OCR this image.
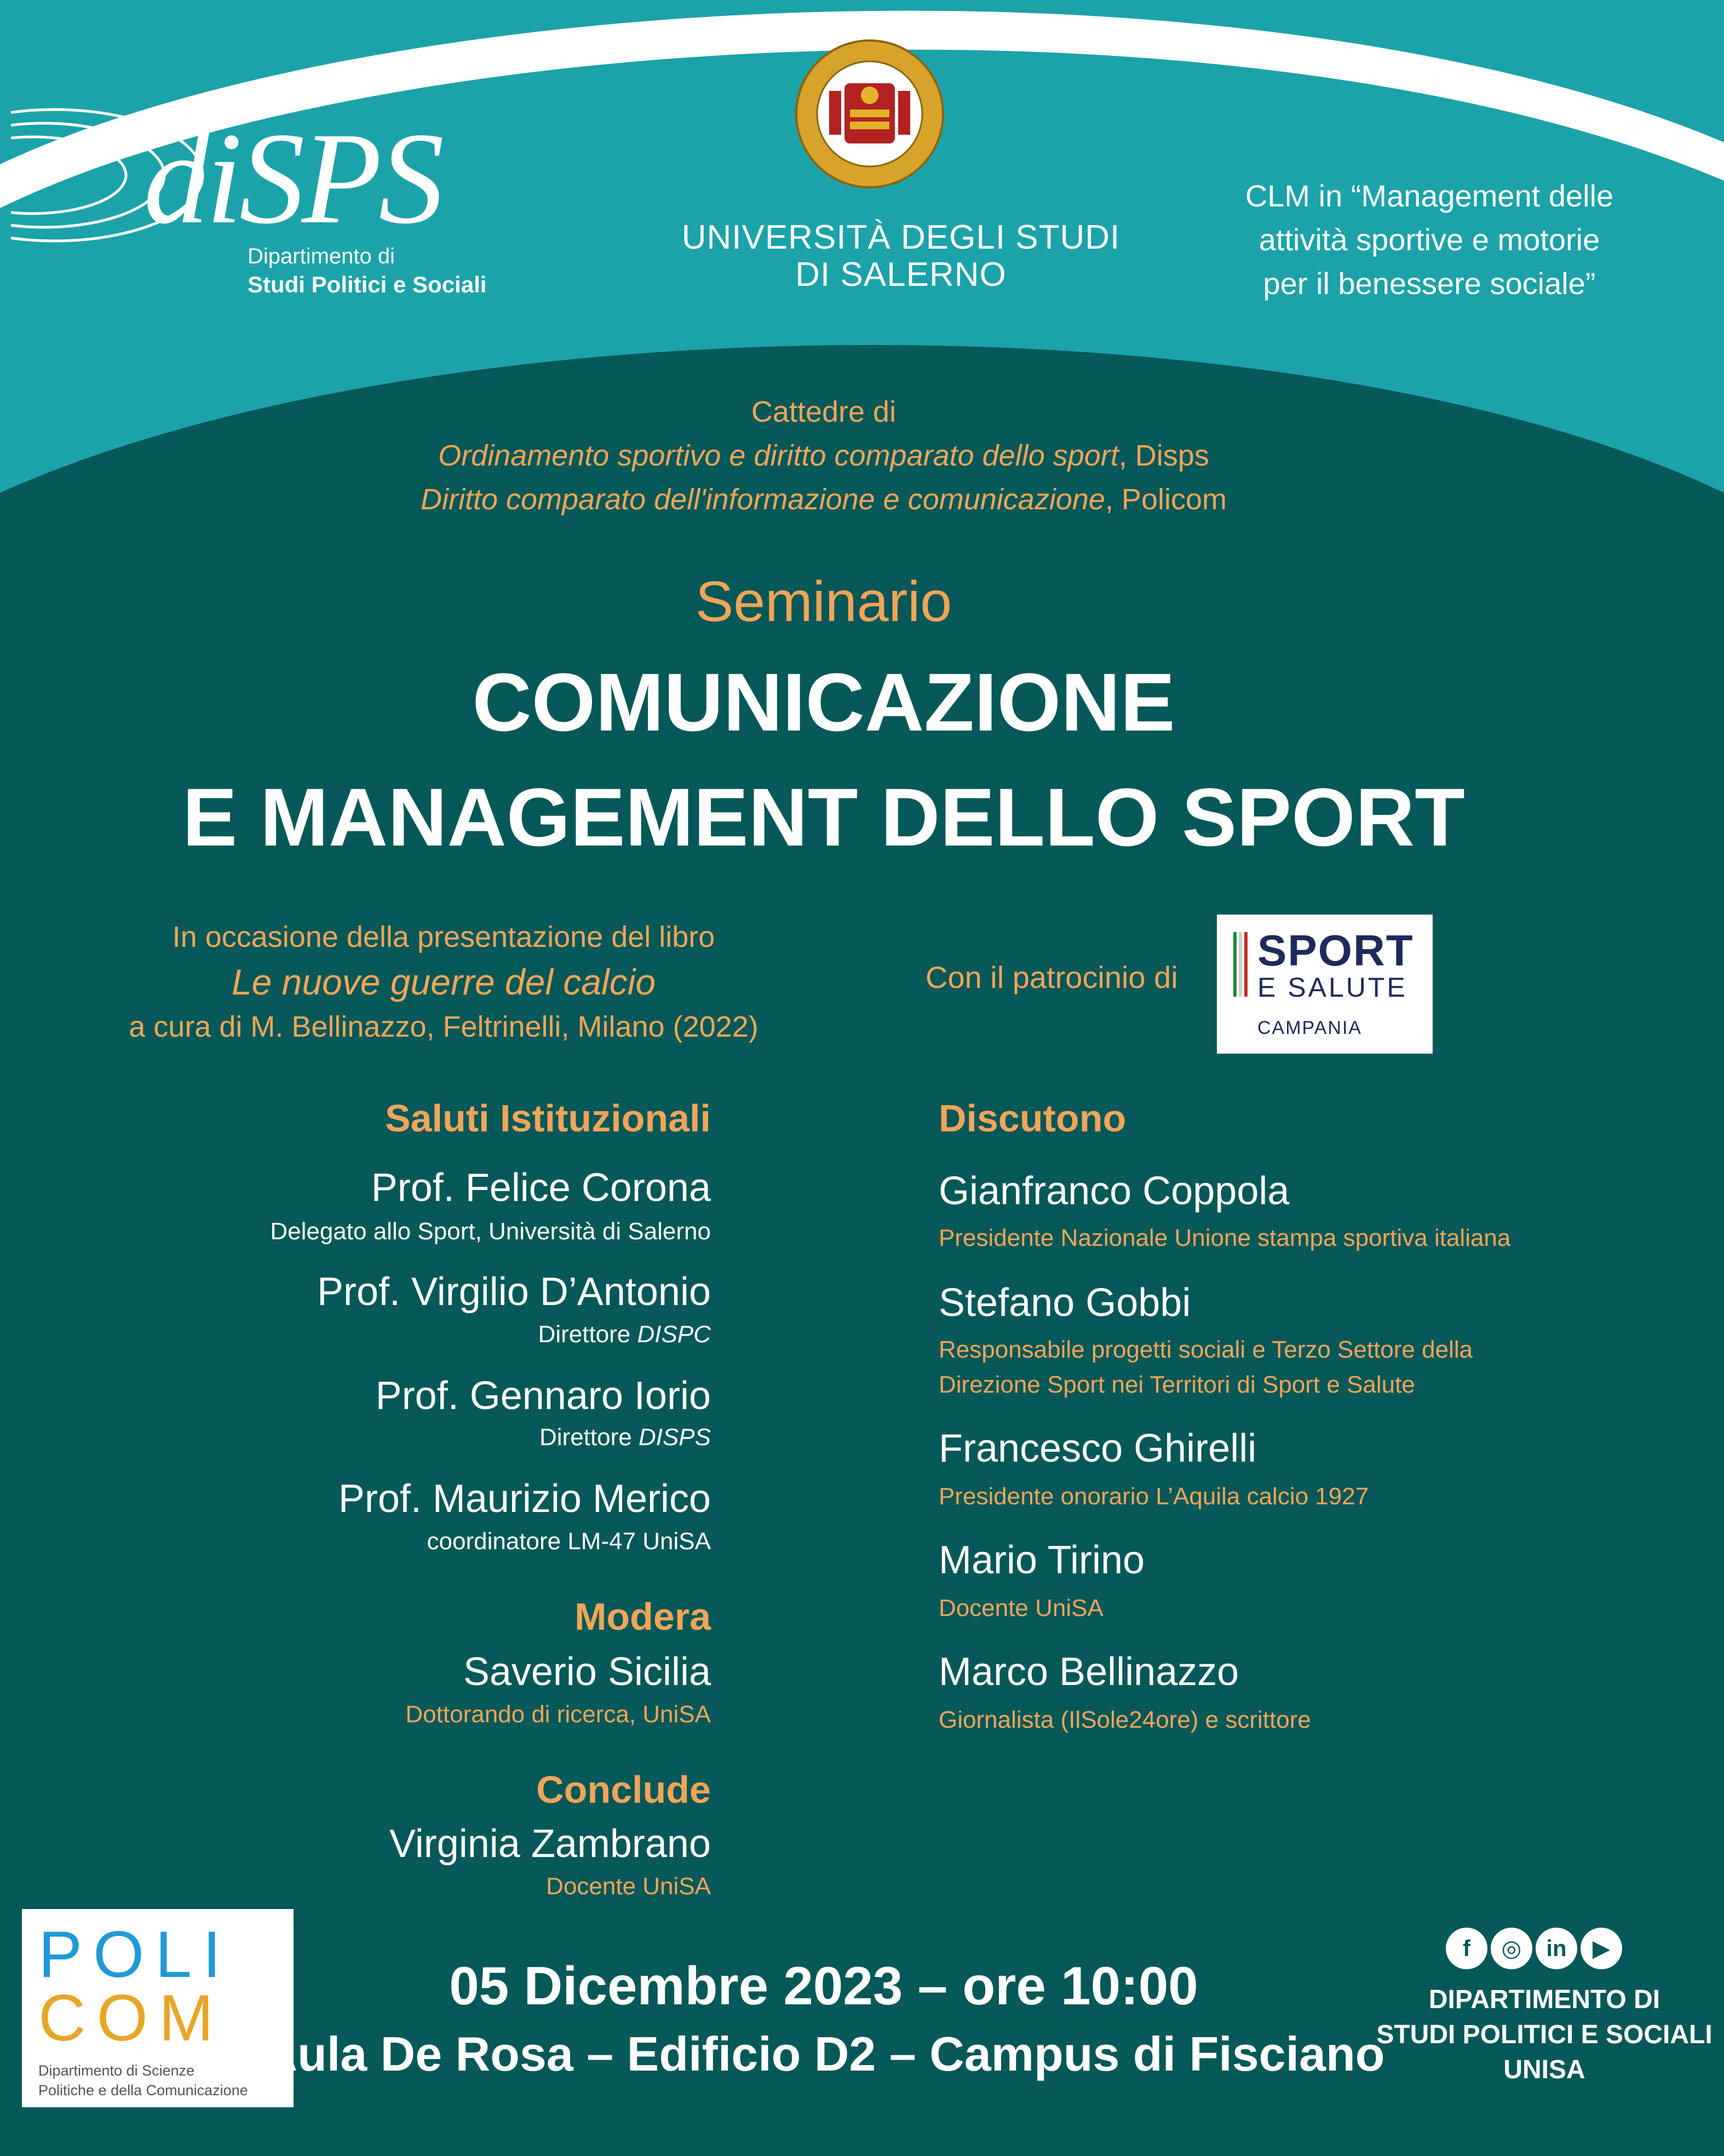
diSPS
Dipartimento di
Studi Politici e Sociali
UNIVERSITÀ DEGLI STUDI
DI SALERNO
CLM in “Management delle
attività sportive e motorie
per il benessere sociale”
Cattedre di
Ordinamento sportivo e diritto comparato dello sport, Disps
Diritto comparato dell'informazione e comunicazione, Policom
Seminario
COMUNICAZIONE
E MANAGEMENT DELLO SPORT
In occasione della presentazione del libro
Le nuove guerre del calcio
a cura di M. Bellinazzo, Feltrinelli, Milano (2022)
Con il patrocinio di
SPORT
E SALUTE
CAMPANIA
Saluti Istituzionali
Prof. Felice Corona
Delegato allo Sport, Università di Salerno
Prof. Virgilio D’Antonio
Direttore DISPC
Prof. Gennaro Iorio
Direttore DISPS
Prof. Maurizio Merico
coordinatore LM-47 UniSA
Modera
Saverio Sicilia
Dottorando di ricerca, UniSA
Conclude
Virginia Zambrano
Docente UniSA
Discutono
Gianfranco Coppola
Presidente Nazionale Unione stampa sportiva italiana
Stefano Gobbi
Responsabile progetti sociali e Terzo Settore della
Direzione Sport nei Territori di Sport e Salute
Francesco Ghirelli
Presidente onorario L’Aquila calcio 1927
Mario Tirino
Docente UniSA
Marco Bellinazzo
Giornalista (IlSole24ore) e scrittore
POLI
COM
Dipartimento di Scienze
Politiche e della Comunicazione
05 Dicembre 2023 – ore 10:00
Aula De Rosa – Edificio D2 – Campus di Fisciano
f ◎ in ▶
DIPARTIMENTO DI
STUDI POLITICI E SOCIALI
UNISA
